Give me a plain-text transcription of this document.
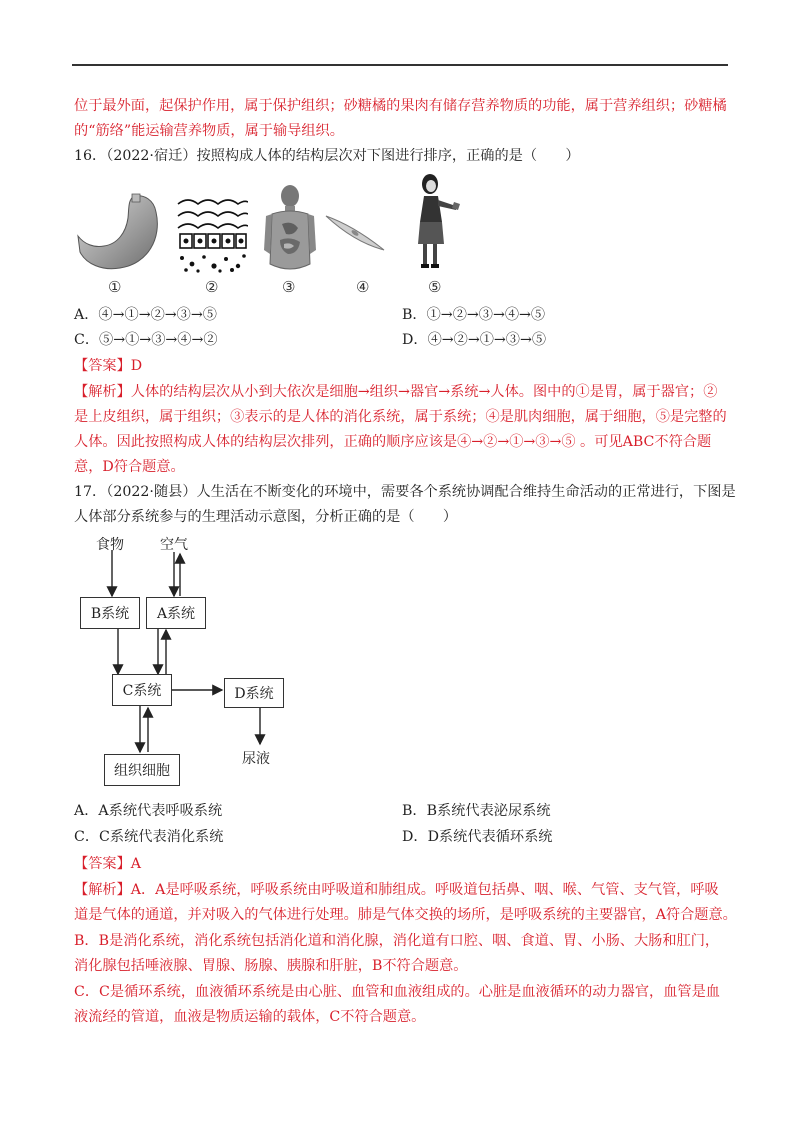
位于最外面，起保护作用，属于保护组织；砂糖橘的果肉有储存营养物质的功能，属于营养组织；砂糖橘
的“筋络”能运输营养物质，属于输导组织。
16．（2022·宿迁）按照构成人体的结构层次对下图进行排序，正确的是（　　）
①	②	③	④	⑤
A．④→①→②→③→⑤	B．①→②→③→④→⑤
C．⑤→①→③→④→②	D．④→②→①→③→⑤
【答案】D
【解析】人体的结构层次从小到大依次是细胞→组织→器官→系统→人体。图中的①是胃，属于器官；②
是上皮组织，属于组织；③表示的是人体的消化系统，属于系统；④是肌肉细胞，属于细胞，⑤是完整的
人体。因此按照构成人体的结构层次排列，正确的顺序应该是④→②→①→③→⑤ 。可见ABC不符合题
意，D符合题意。
17．（2022·随县）人生活在不断变化的环境中，需要各个系统协调配合维持生命活动的正常进行，下图是
人体部分系统参与的生理活动示意图，分析正确的是（　　）
食物	空气
B系统	A系统
C系统	D系统
尿液
组织细胞
A．A系统代表呼吸系统	B．B系统代表泌尿系统
C．C系统代表消化系统	D．D系统代表循环系统
【答案】A
【解析】A．A是呼吸系统，呼吸系统由呼吸道和肺组成。呼吸道包括鼻、咽、喉、气管、支气管，呼吸
道是气体的通道，并对吸入的气体进行处理。肺是气体交换的场所，是呼吸系统的主要器官，A符合题意。
B．B是消化系统，消化系统包括消化道和消化腺，消化道有口腔、咽、食道、胃、小肠、大肠和肛门，
消化腺包括唾液腺、胃腺、肠腺、胰腺和肝脏，B不符合题意。
C．C是循环系统，血液循环系统是由心脏、血管和血液组成的。心脏是血液循环的动力器官，血管是血
液流经的管道，血液是物质运输的载体，C不符合题意。
